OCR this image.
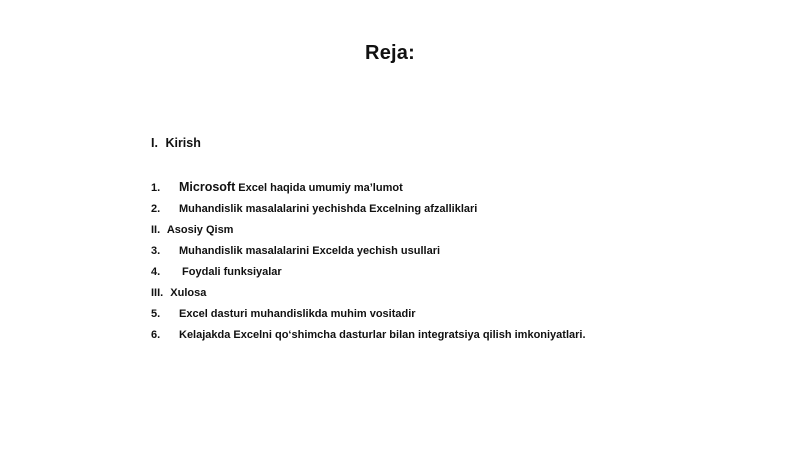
Reja:
I. Kirish
1. Microsoft Excel haqida umumiy ma’lumot
2. Muhandislik masalalarini yechishda Excelning afzalliklari
II. Asosiy Qism
3. Muhandislik masalalarini Excelda yechish usullari
4. Foydali funksiyalar
III. Xulosa
5. Excel dasturi muhandislikda muhim vositadir
6. Kelajakda Excelni qo‘shimcha dasturlar bilan integratsiya qilish imkoniyatlari.
